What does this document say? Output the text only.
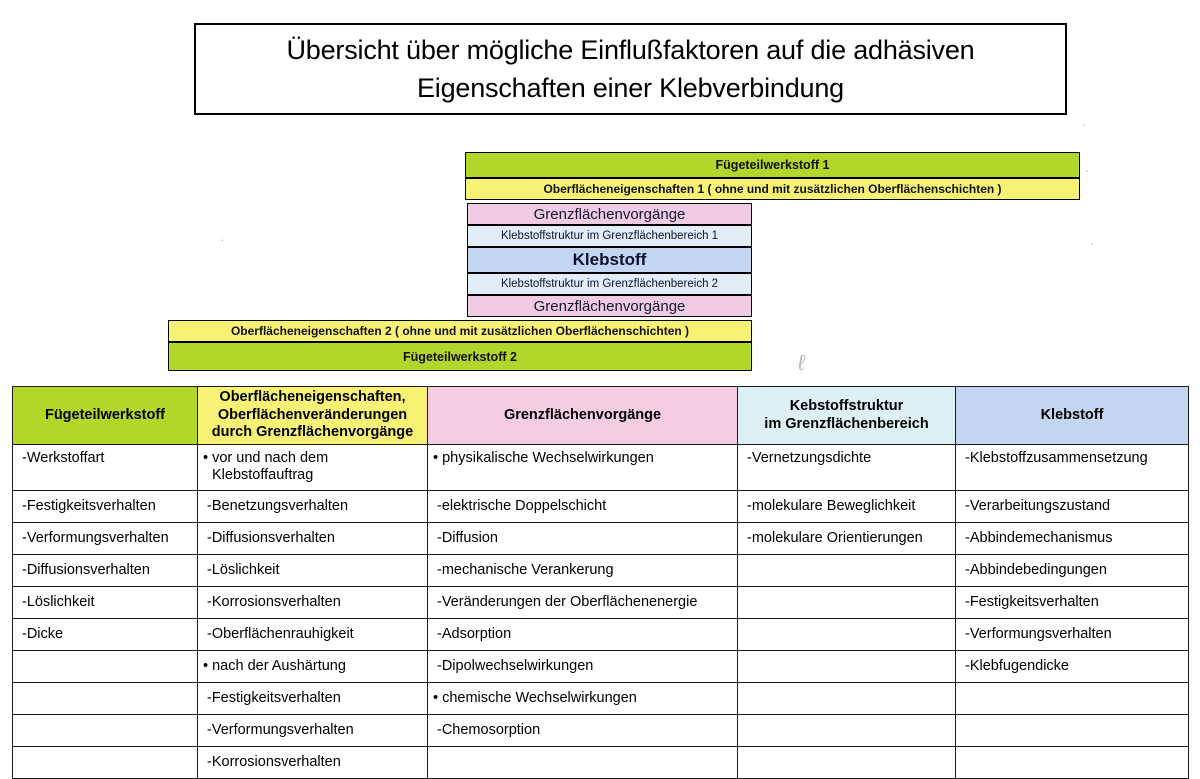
Übersicht über mögliche Einflußfaktoren auf die adhäsiven
Eigenschaften einer Klebverbindung
Fügeteilwerkstoff 1
Oberflächeneigenschaften 1 ( ohne und mit zusätzlichen Oberflächenschichten )
Grenzflächenvorgänge
Klebstoffstruktur im Grenzflächenbereich 1
Klebstoff
Klebstoffstruktur im Grenzflächenbereich 2
Grenzflächenvorgänge
Oberflächeneigenschaften 2 ( ohne und mit zusätzlichen Oberflächenschichten )
Fügeteilwerkstoff 2
·
·	·
·
ℓ
Fügeteilwerkstoff	Oberflächeneigenschaften,
Oberflächenveränderungen
durch Grenzflächenvorgänge	Grenzflächenvorgänge	Kebstoffstruktur
im Grenzflächenbereich	Klebstoff
-Werkstoffart	• vor und nach dem Klebstoffauftrag	• physikalische Wechselwirkungen	-Vernetzungsdichte	-Klebstoffzusammensetzung
-Festigkeitsverhalten	-Benetzungsverhalten	-elektrische Doppelschicht	-molekulare Beweglichkeit	-Verarbeitungszustand
-Verformungsverhalten	-Diffusionsverhalten	-Diffusion	-molekulare Orientierungen	-Abbindemechanismus
-Diffusionsverhalten	-Löslichkeit	-mechanische Verankerung		-Abbindebedingungen
-Löslichkeit	-Korrosionsverhalten	-Veränderungen der Oberflächenenergie		-Festigkeitsverhalten
-Dicke	-Oberflächenrauhigkeit	-Adsorption		-Verformungsverhalten
	• nach der Aushärtung	-Dipolwechselwirkungen		-Klebfugendicke
	-Festigkeitsverhalten	• chemische Wechselwirkungen		
	-Verformungsverhalten	-Chemosorption		
	-Korrosionsverhalten			
